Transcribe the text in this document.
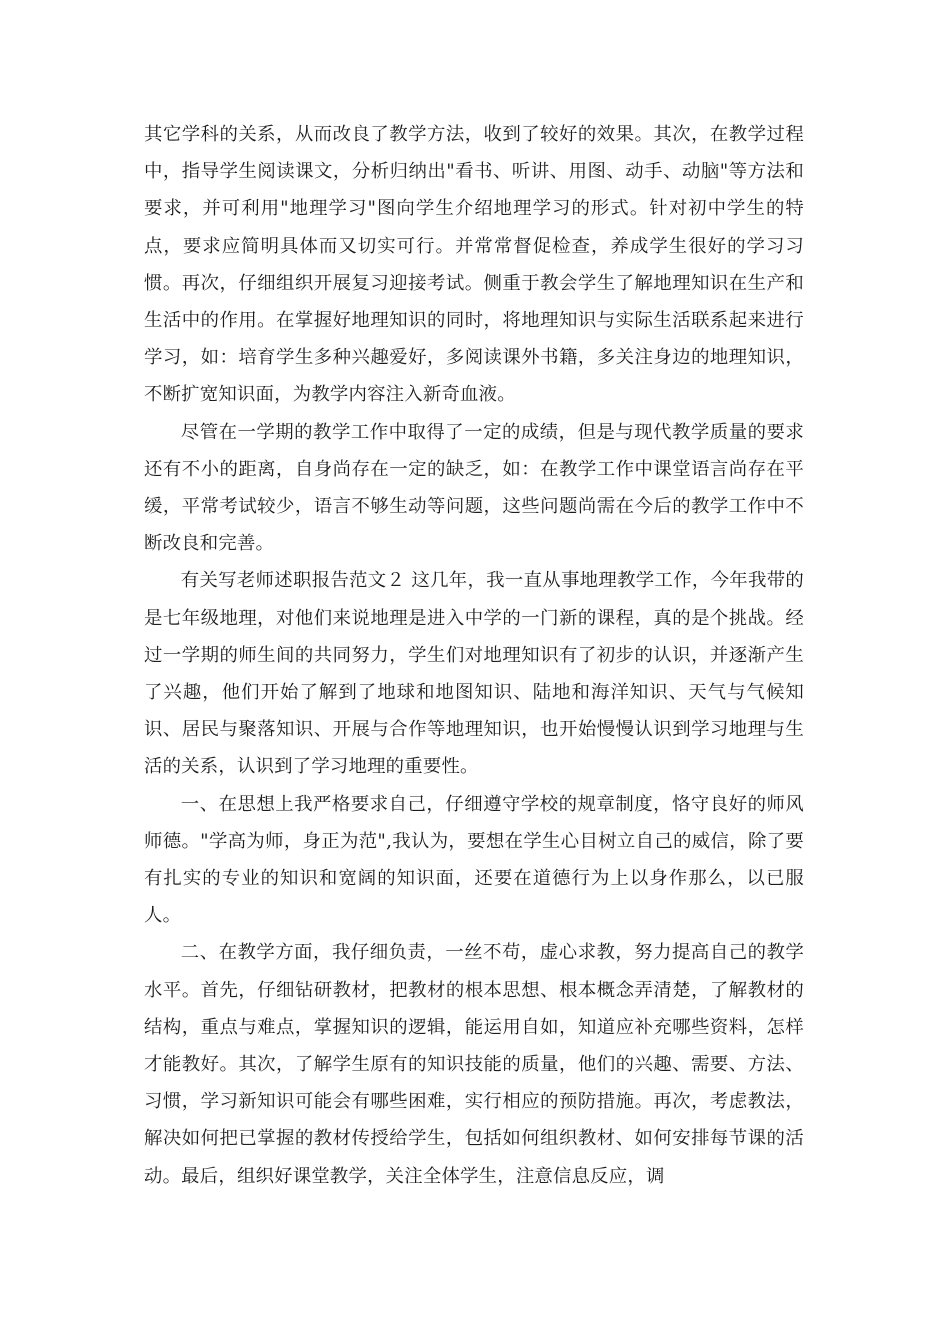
其它学科的关系，从而改良了教学方法，收到了较好的效果。其次，在教学过程中，指导学生阅读课文，分析归纳出"看书、听讲、用图、动手、动脑"等方法和要求，并可利用"地理学习"图向学生介绍地理学习的形式。针对初中学生的特点，要求应简明具体而又切实可行。并常常督促检查，养成学生很好的学习习惯。再次，仔细组织开展复习迎接考试。侧重于教会学生了解地理知识在生产和生活中的作用。在掌握好地理知识的同时，将地理知识与实际生活联系起来进行学习，如：培育学生多种兴趣爱好，多阅读课外书籍，多关注身边的地理知识，不断扩宽知识面，为教学内容注入新奇血液。

尽管在一学期的教学工作中取得了一定的成绩，但是与现代教学质量的要求还有不小的距离，自身尚存在一定的缺乏，如：在教学工作中课堂语言尚存在平缓，平常考试较少，语言不够生动等问题，这些问题尚需在今后的教学工作中不断改良和完善。

有关写老师述职报告范文２ 这几年，我一直从事地理教学工作，今年我带的是七年级地理，对他们来说地理是进入中学的一门新的课程，真的是个挑战。经过一学期的师生间的共同努力，学生们对地理知识有了初步的认识，并逐渐产生了兴趣，他们开始了解到了地球和地图知识、陆地和海洋知识、天气与气候知识、居民与聚落知识、开展与合作等地理知识，也开始慢慢认识到学习地理与生活的关系，认识到了学习地理的重要性。

一、在思想上我严格要求自己，仔细遵守学校的规章制度，恪守良好的师风师德。"学高为师，身正为范",我认为，要想在学生心目树立自己的威信，除了要有扎实的专业的知识和宽阔的知识面，还要在道德行为上以身作那么，以已服人。

二、在教学方面，我仔细负责，一丝不苟，虚心求教，努力提高自己的教学水平。首先，仔细钻研教材，把教材的根本思想、根本概念弄清楚，了解教材的结构，重点与难点，掌握知识的逻辑，能运用自如，知道应补充哪些资料，怎样才能教好。其次，了解学生原有的知识技能的质量，他们的兴趣、需要、方法、习惯，学习新知识可能会有哪些困难，实行相应的预防措施。再次，考虑教法，解决如何把已掌握的教材传授给学生，包括如何组织教材、如何安排每节课的活动。最后，组织好课堂教学，关注全体学生，注意信息反应，调
